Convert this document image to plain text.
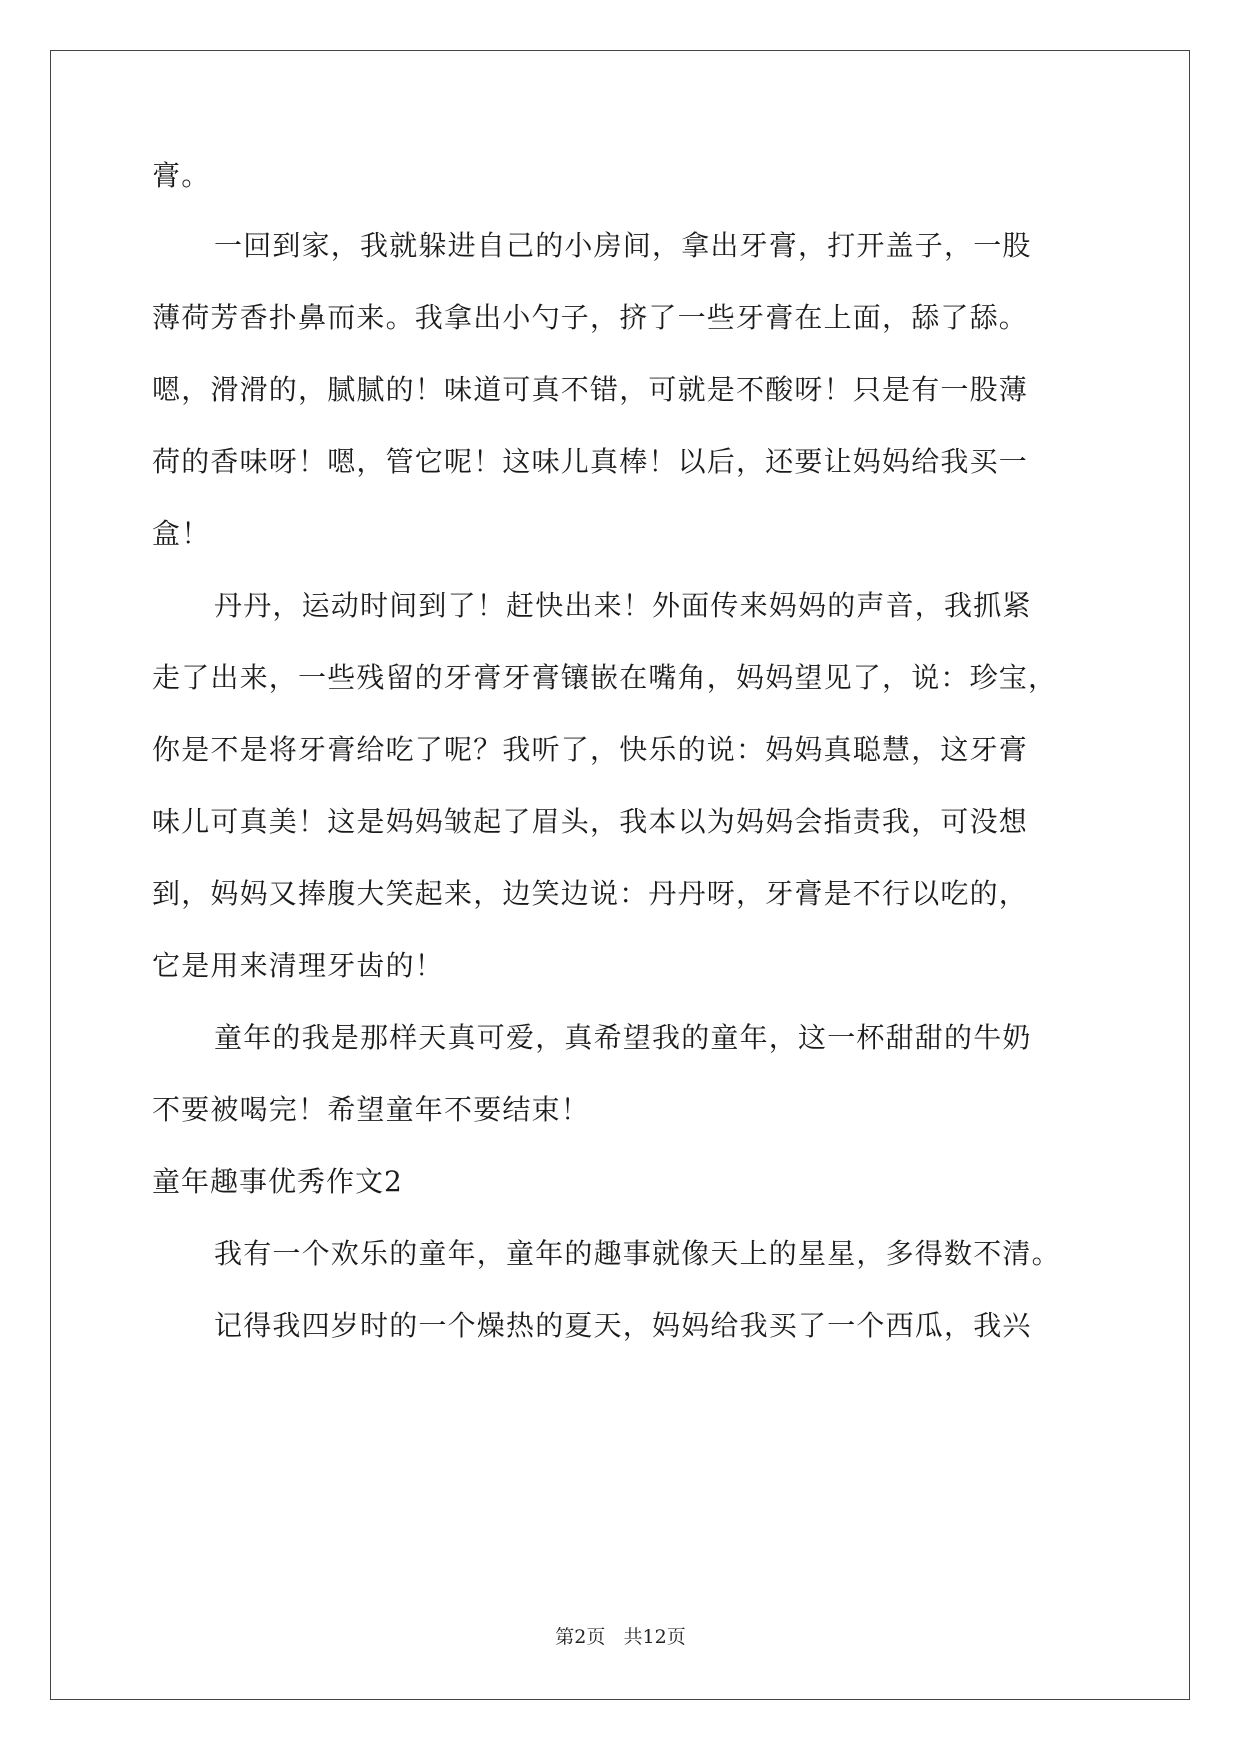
膏。
一回到家，我就躲进自己的小房间，拿出牙膏，打开盖子，一股
薄荷芳香扑鼻而来。我拿出小勺子，挤了一些牙膏在上面，舔了舔。
嗯，滑滑的，腻腻的！味道可真不错，可就是不酸呀！只是有一股薄
荷的香味呀！嗯，管它呢！这味儿真棒！以后，还要让妈妈给我买一
盒！
丹丹，运动时间到了！赶快出来！外面传来妈妈的声音，我抓紧
走了出来，一些残留的牙膏牙膏镶嵌在嘴角，妈妈望见了，说：珍宝，
你是不是将牙膏给吃了呢？我听了，快乐的说：妈妈真聪慧，这牙膏
味儿可真美！这是妈妈皱起了眉头，我本以为妈妈会指责我，可没想
到，妈妈又捧腹大笑起来，边笑边说：丹丹呀，牙膏是不行以吃的，
它是用来清理牙齿的！
童年的我是那样天真可爱，真希望我的童年，这一杯甜甜的牛奶
不要被喝完！希望童年不要结束！
童年趣事优秀作文2
我有一个欢乐的童年，童年的趣事就像天上的星星，多得数不清。
记得我四岁时的一个燥热的夏天，妈妈给我买了一个西瓜，我兴
第2页 共12页
